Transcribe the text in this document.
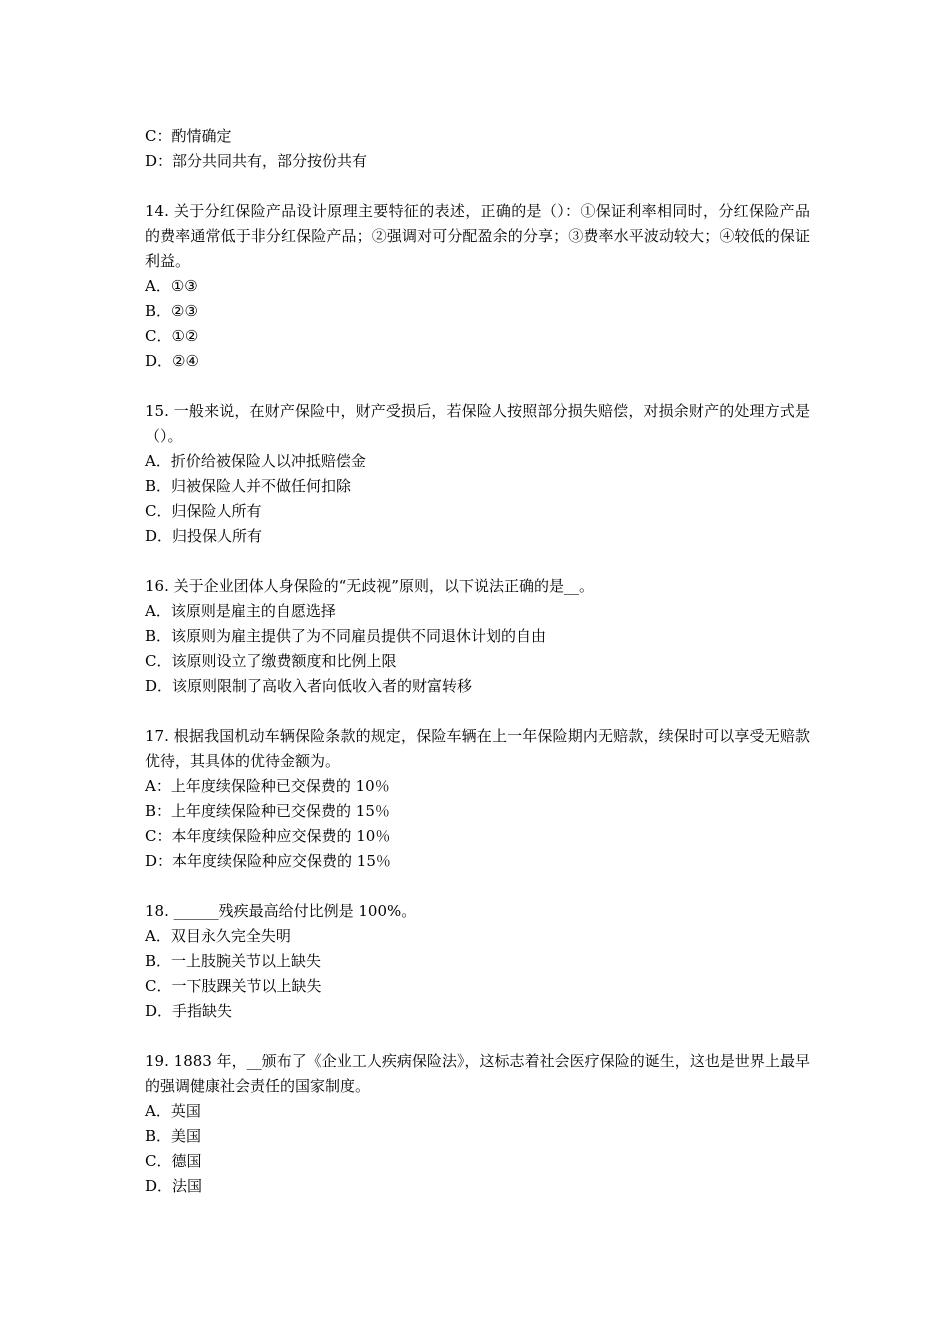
C：酌情确定

D：部分共同共有，部分按份共有

14. 关于分红保险产品设计原理主要特征的表述，正确的是（）：①保证利率相同时，分红保险产品的费率通常低于非分红保险产品；②强调对可分配盈余的分享；③费率水平波动较大；④较低的保证利益。

A．①③

B．②③

C．①②

D．②④

15. 一般来说，在财产保险中，财产受损后，若保险人按照部分损失赔偿，对损余财产的处理方式是（）。

A．折价给被保险人以冲抵赔偿金

B．归被保险人并不做任何扣除

C．归保险人所有

D．归投保人所有

16. 关于企业团体人身保险的“无歧视”原则，以下说法正确的是__。

A．该原则是雇主的自愿选择

B．该原则为雇主提供了为不同雇员提供不同退休计划的自由

C．该原则设立了缴费额度和比例上限

D．该原则限制了高收入者向低收入者的财富转移

17. 根据我国机动车辆保险条款的规定，保险车辆在上一年保险期内无赔款，续保时可以享受无赔款优待，其具体的优待金额为。

A：上年度续保险种已交保费的 10％

B：上年度续保险种已交保费的 15％

C：本年度续保险种应交保费的 10％

D：本年度续保险种应交保费的 15％

18. ______残疾最高给付比例是 100%。

A．双目永久完全失明

B．一上肢腕关节以上缺失

C．一下肢踝关节以上缺失

D．手指缺失

19. 1883 年，__颁布了《企业工人疾病保险法》，这标志着社会医疗保险的诞生，这也是世界上最早的强调健康社会责任的国家制度。

A．英国

B．美国

C．德国

D．法国
